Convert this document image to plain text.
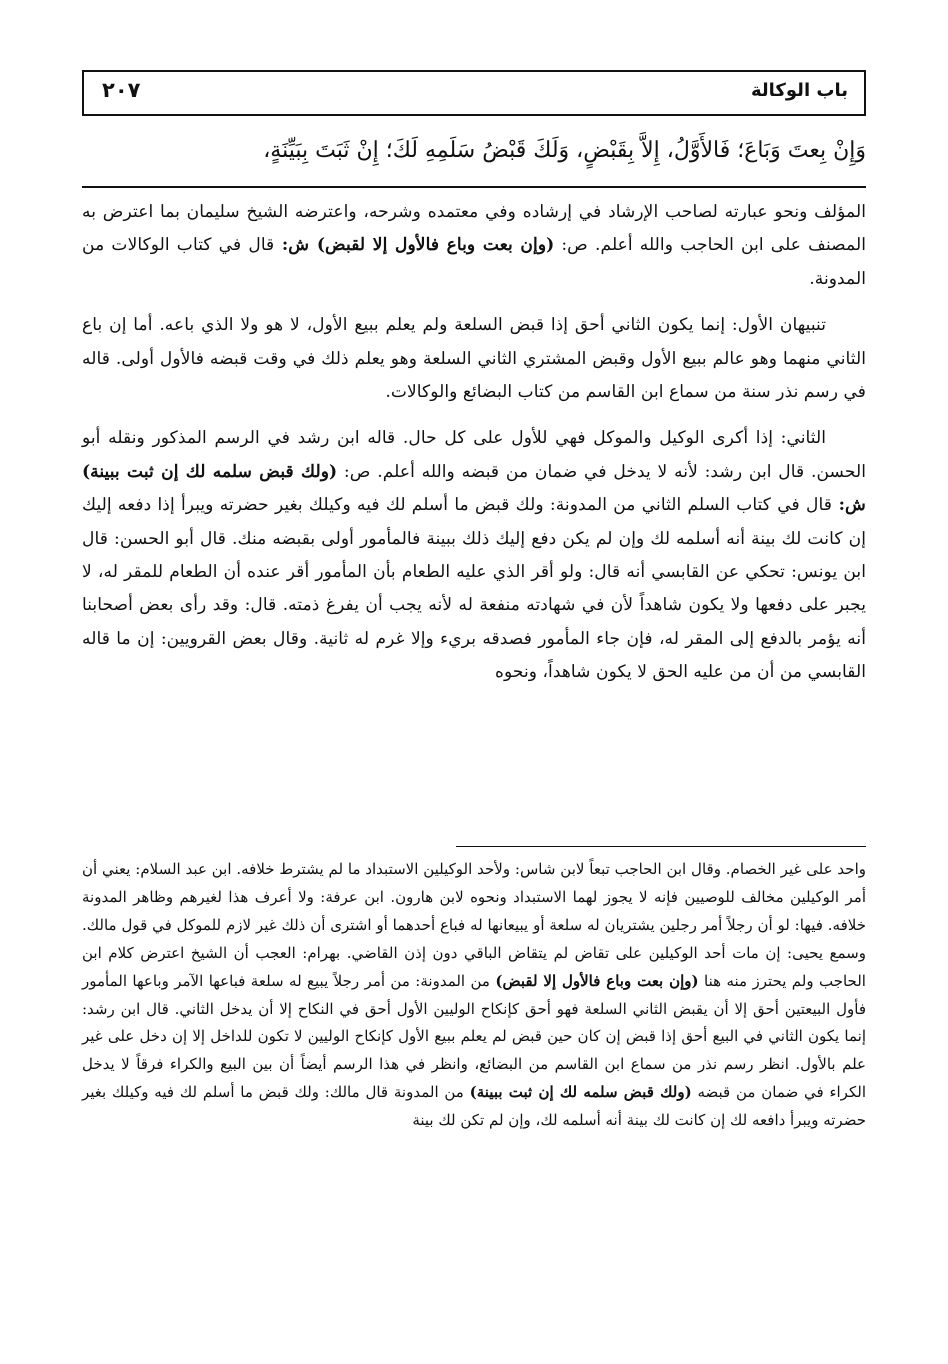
٢٠٧	باب الوكالة
وَإِنْ بِعتَ وَبَاعَ؛ فَالأَوَّلُ، إِلاَّ بِقَبْضٍ، وَلَكَ قَبْضُ سَلَمِهِ لَكَ؛ إِنْ ثَبَتَ بِبَيِّنَةٍ،

المؤلف ونحو عبارته لصاحب الإرشاد في إرشاده وفي معتمده وشرحه، واعترضه الشيخ سليمان بما اعترض به المصنف على ابن الحاجب والله أعلم. ص: (وإن بعت وباع فالأول إلا لقبض) ش: قال في كتاب الوكالات من المدونة.

تنبيهان الأول: إنما يكون الثاني أحق إذا قبض السلعة ولم يعلم ببيع الأول، لا هو ولا الذي باعه. أما إن باع الثاني منهما وهو عالم ببيع الأول وقبض المشتري الثاني السلعة وهو يعلم ذلك في وقت قبضه فالأول أولى. قاله في رسم نذر سنة من سماع ابن القاسم من كتاب البضائع والوكالات.

الثاني: إذا أكرى الوكيل والموكل فهي للأول على كل حال. قاله ابن رشد في الرسم المذكور ونقله أبو الحسن. قال ابن رشد: لأنه لا يدخل في ضمان من قبضه والله أعلم. ص: (ولك قبض سلمه لك إن ثبت ببينة) ش: قال في كتاب السلم الثاني من المدونة: ولك قبض ما أسلم لك فيه وكيلك بغير حضرته ويبرأ إذا دفعه إليك إن كانت لك بينة أنه أسلمه لك وإن لم يكن دفع إليك ذلك ببينة فالمأمور أولى بقبضه منك. قال أبو الحسن: قال ابن يونس: تحكي عن القابسي أنه قال: ولو أقر الذي عليه الطعام بأن المأمور أقر عنده أن الطعام للمقر له، لا يجبر على دفعها ولا يكون شاهداً لأن في شهادته منفعة له لأنه يجب أن يفرغ ذمته. قال: وقد رأى بعض أصحابنا أنه يؤمر بالدفع إلى المقر له، فإن جاء المأمور فصدقه بريء وإلا غرم له ثانية. وقال بعض القرويين: إن ما قاله القابسي من أن من عليه الحق لا يكون شاهداً، ونحوه

واحد على غير الخصام. وقال ابن الحاجب تبعاً لابن شاس: ولأحد الوكيلين الاستبداد ما لم يشترط خلافه. ابن عبد السلام: يعني أن أمر الوكيلين مخالف للوصيين فإنه لا يجوز لهما الاستبداد ونحوه لابن هارون. ابن عرفة: ولا أعرف هذا لغيرهم وظاهر المدونة خلافه. فيها: لو أن رجلاً أمر رجلين يشتريان له سلعة أو يبيعانها له فباع أحدهما أو اشترى أن ذلك غير لازم للموكل في قول مالك. وسمع يحيى: إن مات أحد الوكيلين على تقاض لم يتقاض الباقي دون إذن القاضي. بهرام: العجب أن الشيخ اعترض كلام ابن الحاجب ولم يحترز منه هنا (وإن بعت وباع فالأول إلا لقبض) من المدونة: من أمر رجلاً يبيع له سلعة فباعها الآمر وباعها المأمور فأول البيعتين أحق إلا أن يقبض الثاني السلعة فهو أحق كإنكاح الوليين الأول أحق في النكاح إلا أن يدخل الثاني. قال ابن رشد: إنما يكون الثاني في البيع أحق إذا قبض إن كان حين قبض لم يعلم ببيع الأول كإنكاح الوليين لا تكون للداخل إلا إن دخل على غير علم بالأول. انظر رسم نذر من سماع ابن القاسم من البضائع، وانظر في هذا الرسم أيضاً أن بين البيع والكراء فرقاً لا يدخل الكراء في ضمان من قبضه (ولك قبض سلمه لك إن ثبت ببينة) من المدونة قال مالك: ولك قبض ما أسلم لك فيه وكيلك بغير حضرته ويبرأ دافعه لك إن كانت لك بينة أنه أسلمه لك، وإن لم تكن لك بينة
